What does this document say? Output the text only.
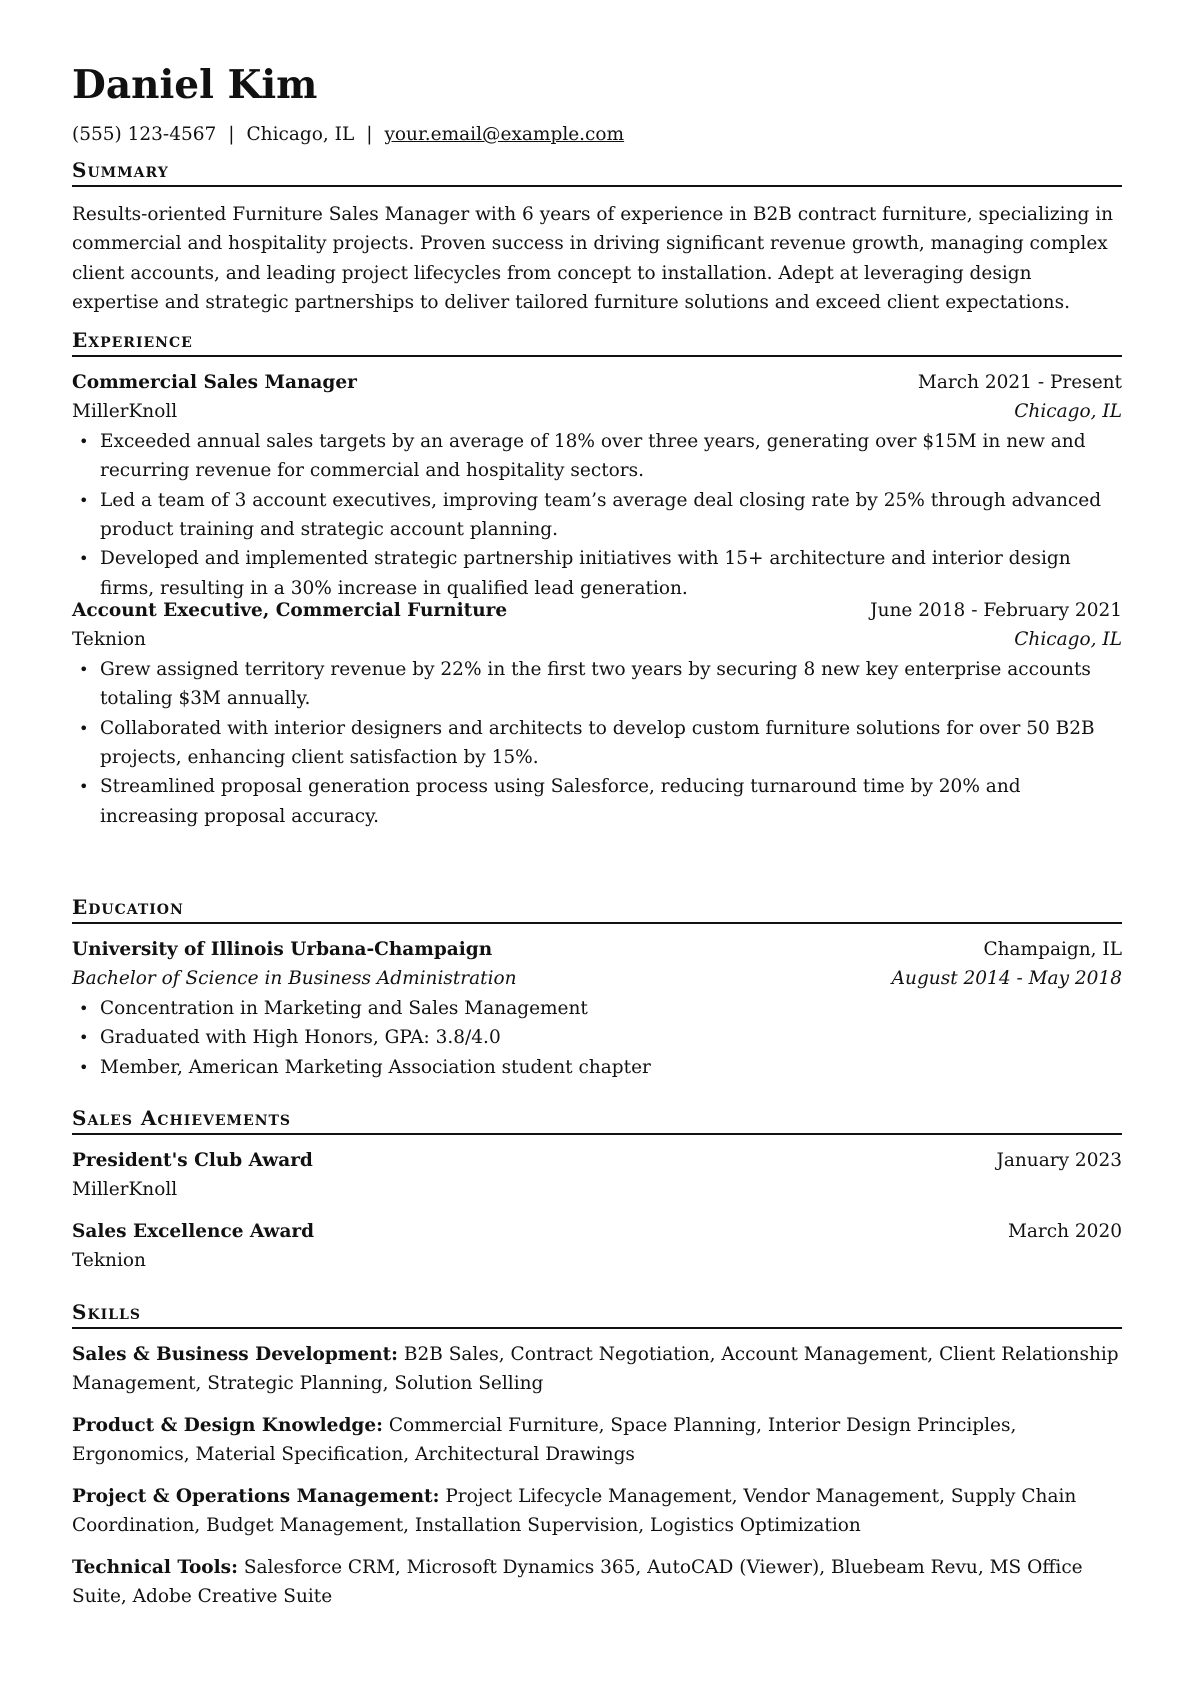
Daniel Kim
(555) 123-4567 | Chicago, IL | your.email@example.com
Summary

Results-oriented Furniture Sales Manager with 6 years of experience in B2B contract furniture, specializing in commercial and hospitality projects. Proven success in driving significant revenue growth, managing complex client accounts, and leading project lifecycles from concept to installation. Adept at leveraging design expertise and strategic partnerships to deliver tailored furniture solutions and exceed client expectations.

Experience
Commercial Sales Manager	March 2021 - Present
MillerKnoll	Chicago, IL
• Exceeded annual sales targets by an average of 18% over three years, generating over $15M in new and recurring revenue for commercial and hospitality sectors.
• Led a team of 3 account executives, improving team’s average deal closing rate by 25% through advanced product training and strategic account planning.
• Developed and implemented strategic partnership initiatives with 15+ architecture and interior design firms, resulting in a 30% increase in qualified lead generation.
Account Executive, Commercial Furniture	June 2018 - February 2021
Teknion	Chicago, IL
• Grew assigned territory revenue by 22% in the first two years by securing 8 new key enterprise accounts totaling $3M annually.
• Collaborated with interior designers and architects to develop custom furniture solutions for over 50 B2B projects, enhancing client satisfaction by 15%.
• Streamlined proposal generation process using Salesforce, reducing turnaround time by 20% and increasing proposal accuracy.
Education
University of Illinois Urbana-Champaign	Champaign, IL
Bachelor of Science in Business Administration	August 2014 - May 2018
• Concentration in Marketing and Sales Management
• Graduated with High Honors, GPA: 3.8/4.0
• Member, American Marketing Association student chapter
Sales Achievements
President's Club Award	January 2023
MillerKnoll
Sales Excellence Award	March 2020
Teknion
Skills

Sales & Business Development: B2B Sales, Contract Negotiation, Account Management, Client Relationship Management, Strategic Planning, Solution Selling

Product & Design Knowledge: Commercial Furniture, Space Planning, Interior Design Principles, Ergonomics, Material Specification, Architectural Drawings

Project & Operations Management: Project Lifecycle Management, Vendor Management, Supply Chain Coordination, Budget Management, Installation Supervision, Logistics Optimization

Technical Tools: Salesforce CRM, Microsoft Dynamics 365, AutoCAD (Viewer), Bluebeam Revu, MS Office Suite, Adobe Creative Suite
